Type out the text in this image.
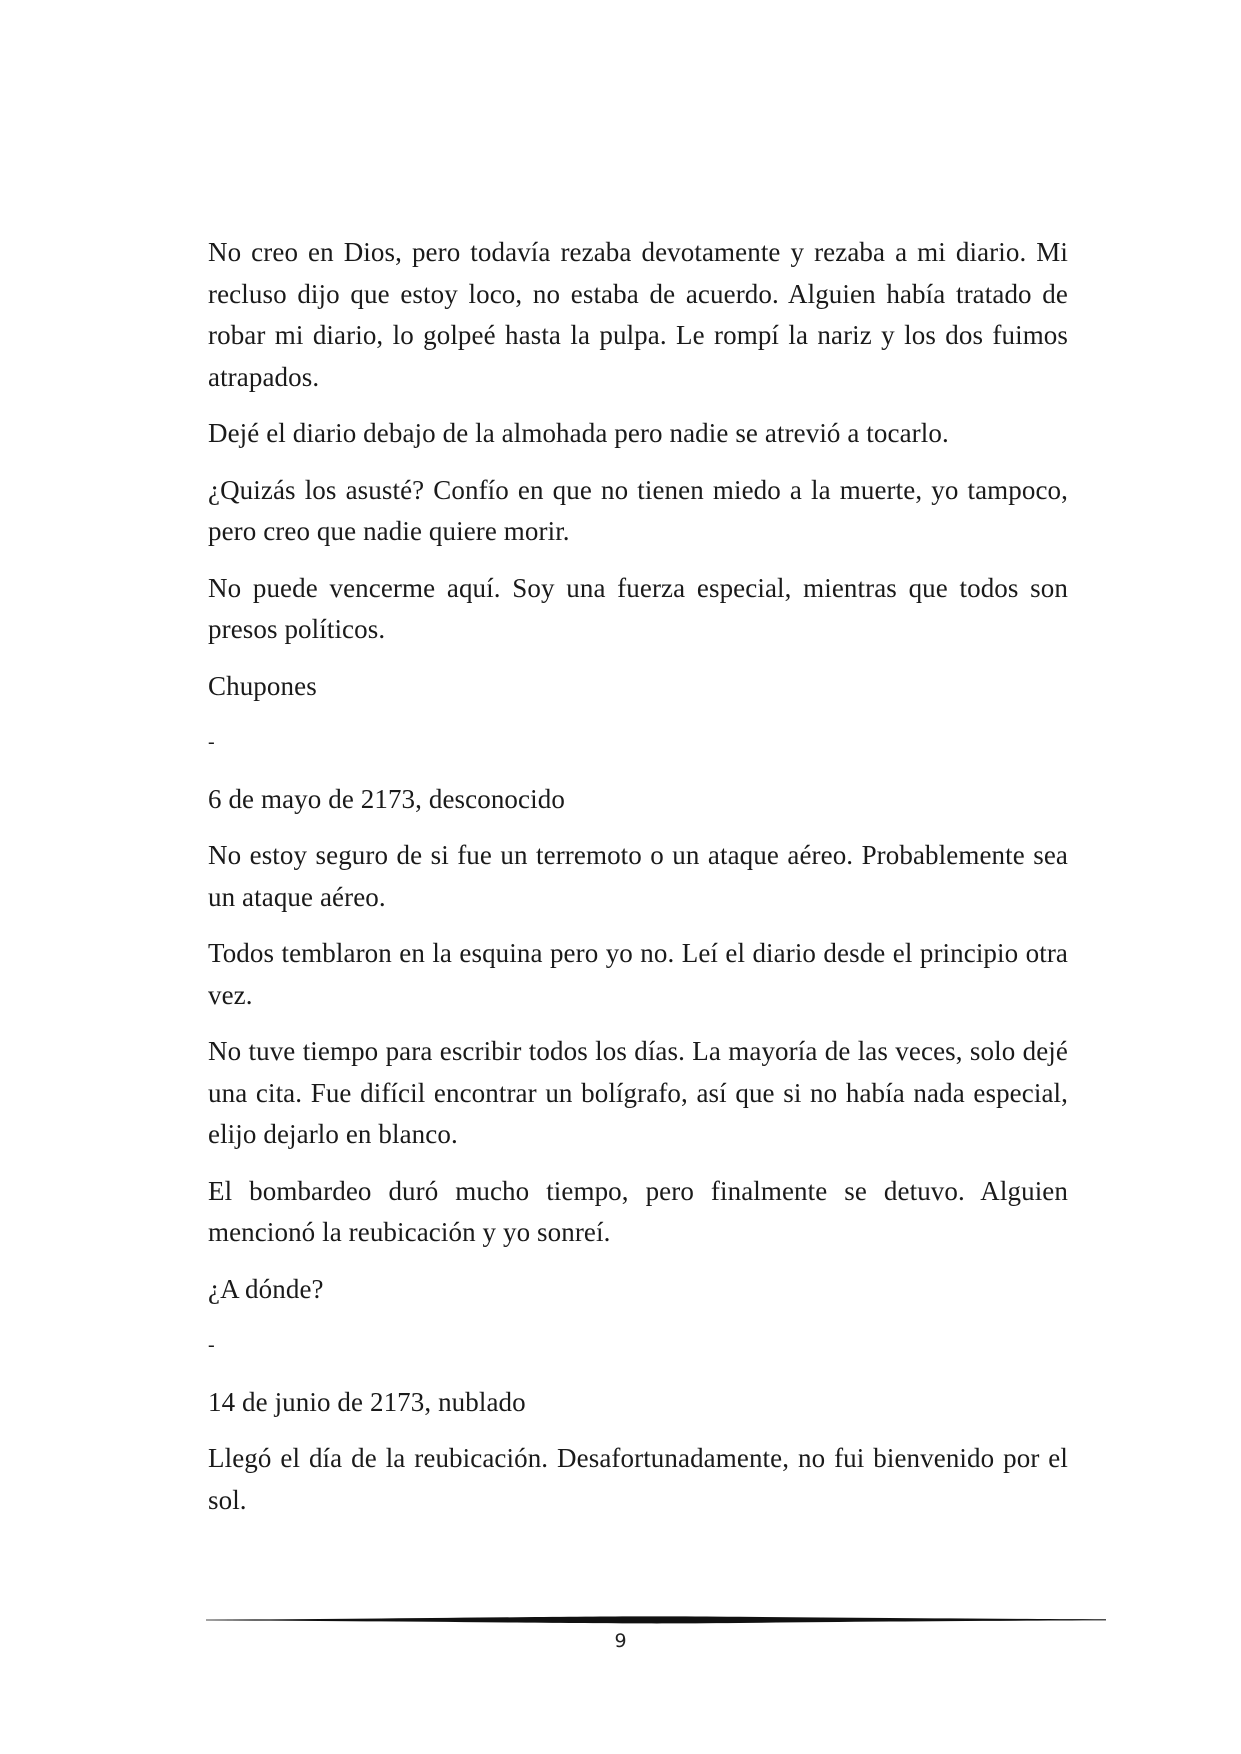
No creo en Dios, pero todavía rezaba devotamente y rezaba a mi diario. Mi recluso dijo que estoy loco, no estaba de acuerdo. Alguien había tratado de robar mi diario, lo golpeé hasta la pulpa. Le rompí la nariz y los dos fuimos atrapados.

Dejé el diario debajo de la almohada pero nadie se atrevió a tocarlo.

¿Quizás los asusté? Confío en que no tienen miedo a la muerte, yo tampoco, pero creo que nadie quiere morir.

No puede vencerme aquí. Soy una fuerza especial, mientras que todos son presos políticos.

Chupones

-

6 de mayo de 2173, desconocido

No estoy seguro de si fue un terremoto o un ataque aéreo. Probablemente sea un ataque aéreo.

Todos temblaron en la esquina pero yo no. Leí el diario desde el principio otra vez.

No tuve tiempo para escribir todos los días. La mayoría de las veces, solo dejé una cita. Fue difícil encontrar un bolígrafo, así que si no había nada especial, elijo dejarlo en blanco.

El bombardeo duró mucho tiempo, pero finalmente se detuvo. Alguien mencionó la reubicación y yo sonreí.

¿A dónde?

-

14 de junio de 2173, nublado

Llegó el día de la reubicación. Desafortunadamente, no fui bienvenido por el sol.

9
